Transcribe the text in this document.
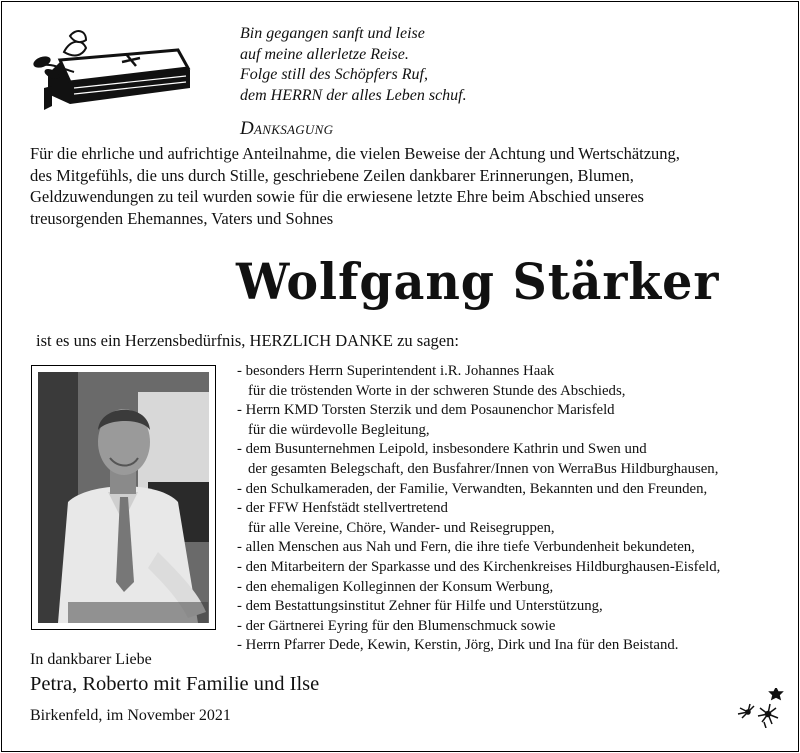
Bin gegangen sanft und leise
auf meine allerletze Reise.
Folge still des Schöpfers Ruf,
dem HERRN der alles Leben schuf.
Danksagung
Für die ehrliche und aufrichtige Anteilnahme, die vielen Beweise der Achtung und Wertschätzung,
des Mitgefühls, die uns durch Stille, geschriebene Zeilen dankbarer Erinnerungen, Blumen,
Geldzuwendungen zu teil wurden sowie für die erwiesene letzte Ehre beim Abschied unseres
treusorgenden Ehemannes, Vaters und Sohnes
Wolfgang Stärker
ist es uns ein Herzensbedürfnis, HERZLICH DANKE zu sagen:
- besonders Herrn Superintendent i.R. Johannes Haak
für die tröstenden Worte in der schweren Stunde des Abschieds,
- Herrn KMD Torsten Sterzik und dem Posaunenchor Marisfeld
für die würdevolle Begleitung,
- dem Busunternehmen Leipold, insbesondere Kathrin und Swen und
der gesamten Belegschaft, den Busfahrer/Innen von WerraBus Hildburghausen,
- den Schulkameraden, der Familie, Verwandten, Bekannten und den Freunden,
- der FFW Henfstädt stellvertretend
für alle Vereine, Chöre, Wander- und Reisegruppen,
- allen Menschen aus Nah und Fern, die ihre tiefe Verbundenheit bekundeten,
- den Mitarbeitern der Sparkasse und des Kirchenkreises Hildburghausen-Eisfeld,
- den ehemaligen Kolleginnen der Konsum Werbung,
- dem Bestattungsinstitut Zehner für Hilfe und Unterstützung,
- der Gärtnerei Eyring für den Blumenschmuck sowie
- Herrn Pfarrer Dede, Kewin, Kerstin, Jörg, Dirk und Ina für den Beistand.
In dankbarer Liebe
Petra, Roberto mit Familie und Ilse
Birkenfeld, im November 2021
